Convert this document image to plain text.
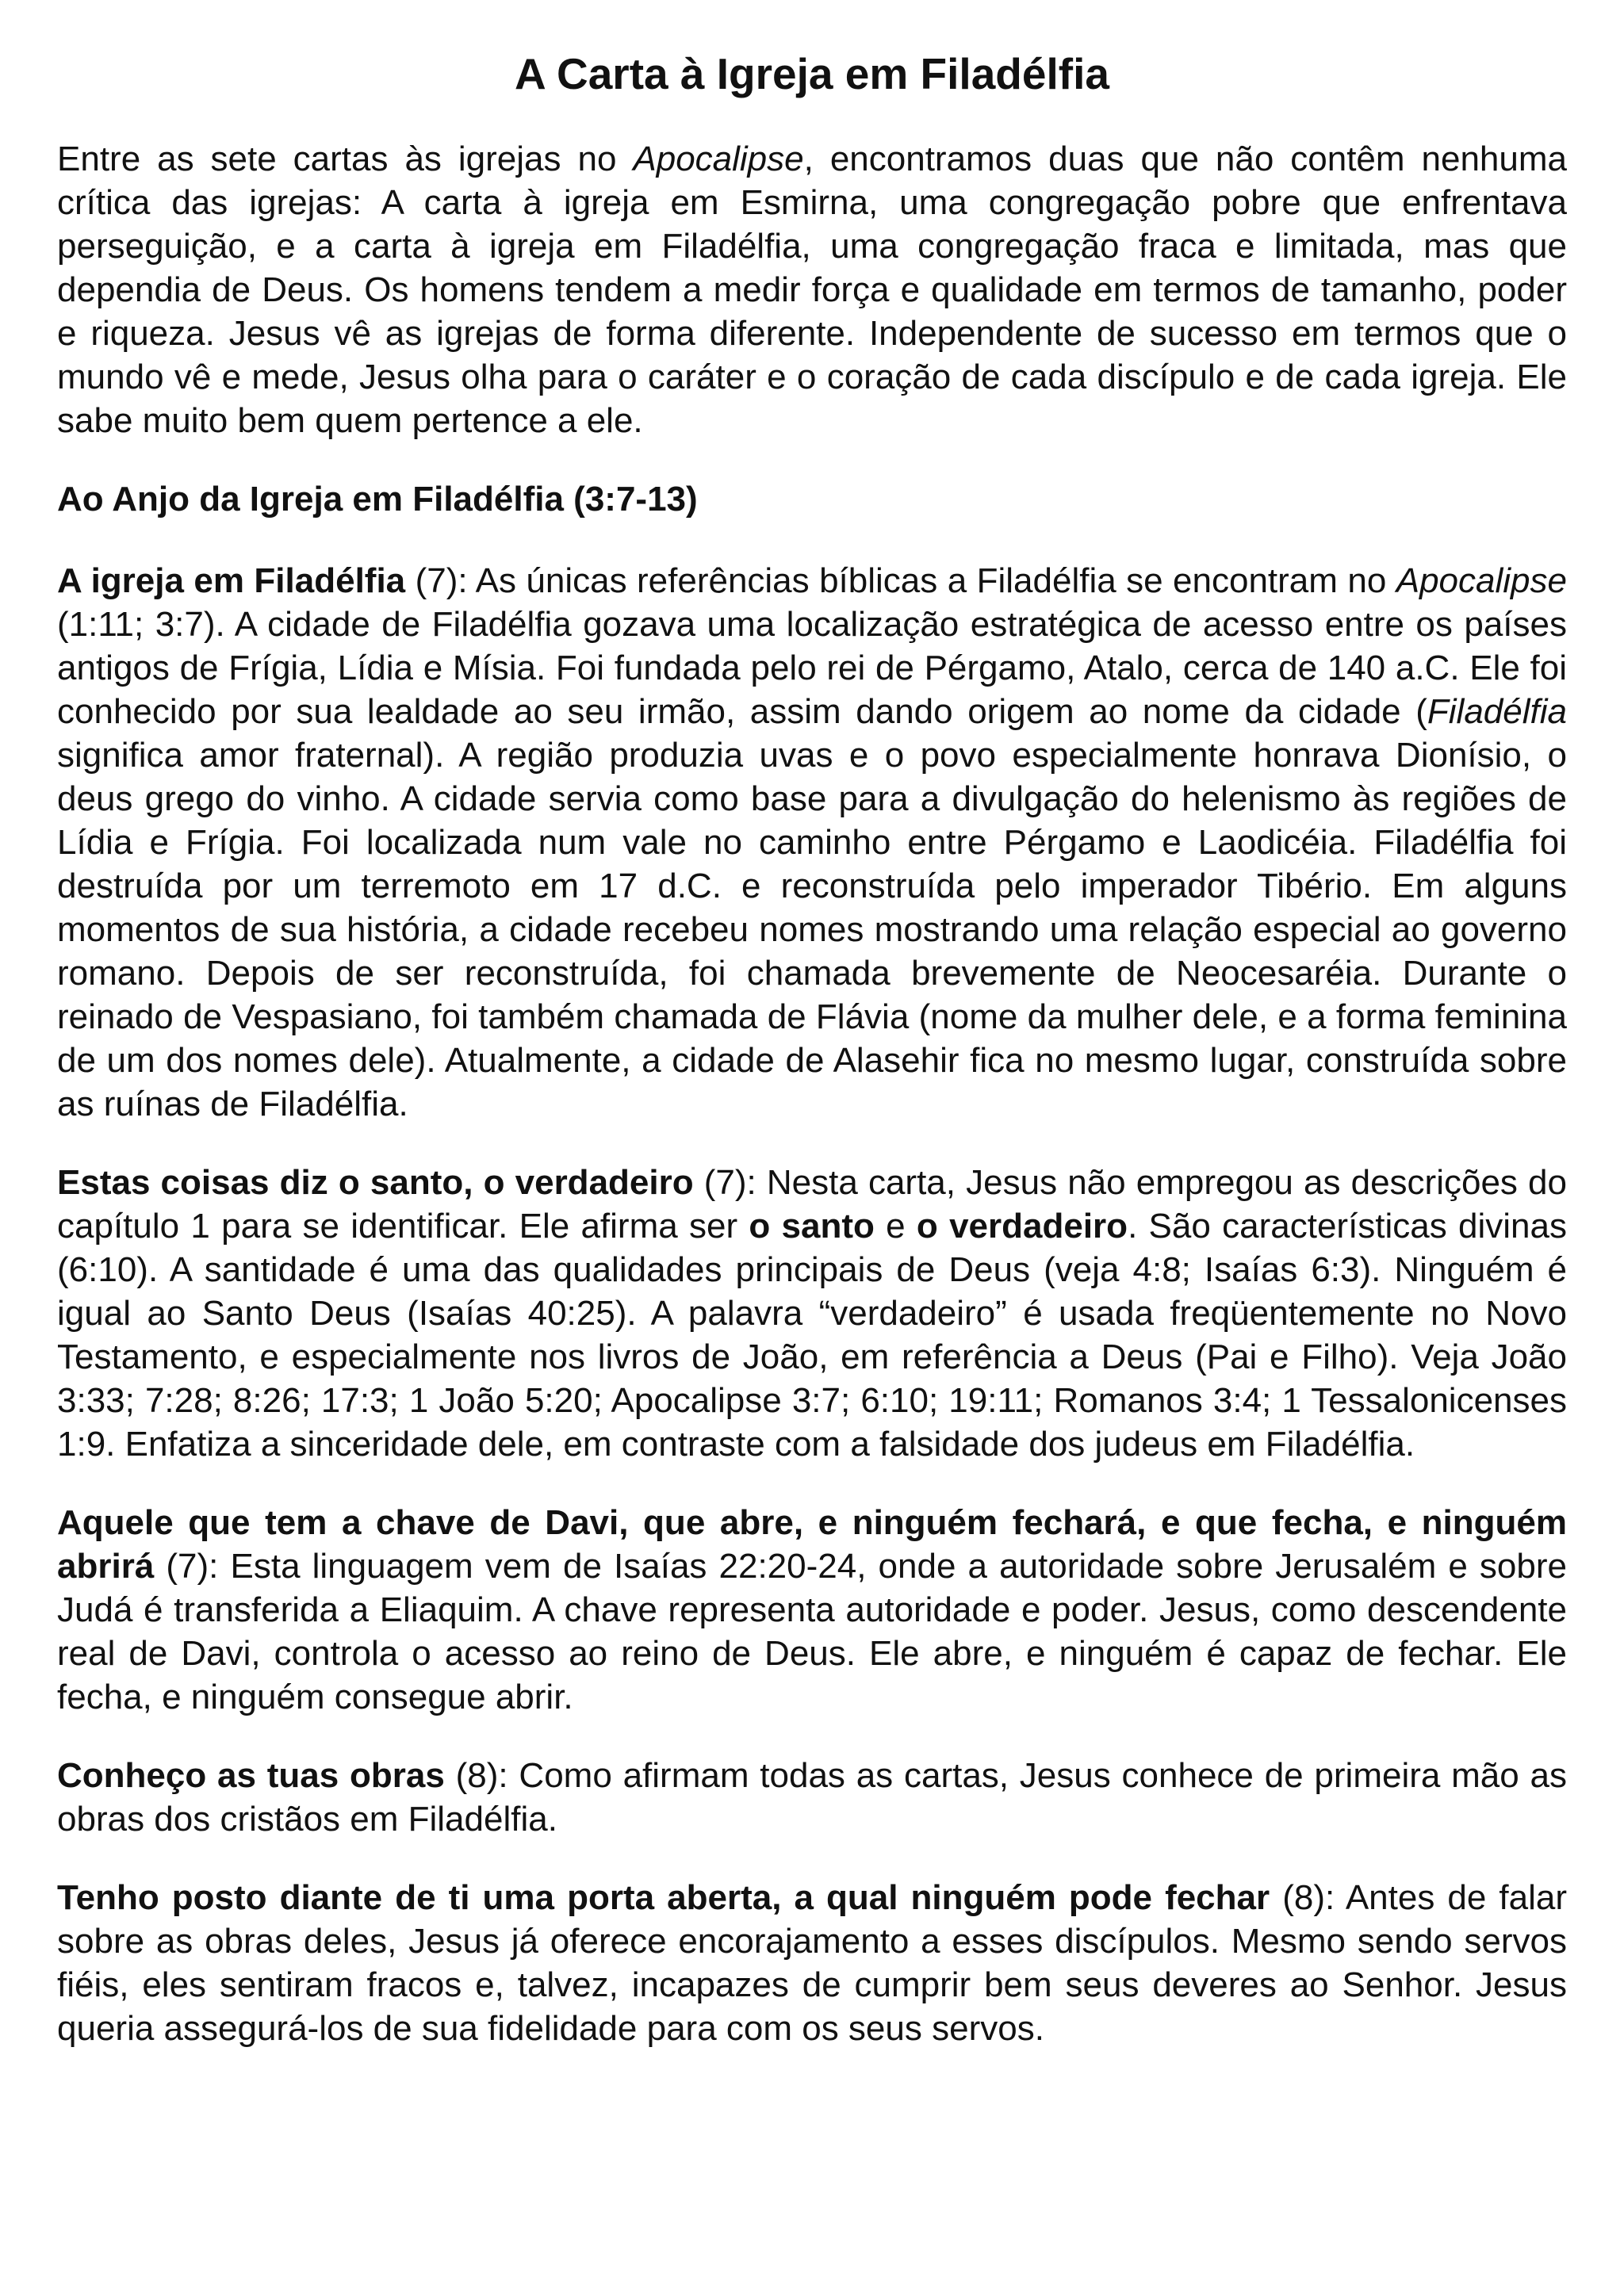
A Carta à Igreja em Filadélfia

Entre as sete cartas às igrejas no Apocalipse, encontramos duas que não contêm nenhuma crítica das igrejas: A carta à igreja em Esmirna, uma congregação pobre que enfrentava perseguição, e a carta à igreja em Filadélfia, uma congregação fraca e limitada, mas que dependia de Deus. Os homens tendem a medir força e qualidade em termos de tamanho, poder e riqueza. Jesus vê as igrejas de forma diferente. Independente de sucesso em termos que o mundo vê e mede, Jesus olha para o caráter e o coração de cada discípulo e de cada igreja. Ele sabe muito bem quem pertence a ele.

Ao Anjo da Igreja em Filadélfia (3:7-13)

A igreja em Filadélfia (7): As únicas referências bíblicas a Filadélfia se encontram no Apocalipse (1:11; 3:7). A cidade de Filadélfia gozava uma localização estratégica de acesso entre os países antigos de Frígia, Lídia e Mísia. Foi fundada pelo rei de Pérgamo, Atalo, cerca de 140 a.C. Ele foi conhecido por sua lealdade ao seu irmão, assim dando origem ao nome da cidade (Filadélfia significa amor fraternal). A região produzia uvas e o povo especialmente honrava Dionísio, o deus grego do vinho. A cidade servia como base para a divulgação do helenismo às regiões de Lídia e Frígia. Foi localizada num vale no caminho entre Pérgamo e Laodicéia. Filadélfia foi destruída por um terremoto em 17 d.C. e reconstruída pelo imperador Tibério. Em alguns momentos de sua história, a cidade recebeu nomes mostrando uma relação especial ao governo romano. Depois de ser reconstruída, foi chamada brevemente de Neocesaréia. Durante o reinado de Vespasiano, foi também chamada de Flávia (nome da mulher dele, e a forma feminina de um dos nomes dele). Atualmente, a cidade de Alasehir fica no mesmo lugar, construída sobre as ruínas de Filadélfia.

Estas coisas diz o santo, o verdadeiro (7): Nesta carta, Jesus não empregou as descrições do capítulo 1 para se identificar. Ele afirma ser o santo e o verdadeiro. São características divinas (6:10). A santidade é uma das qualidades principais de Deus (veja 4:8; Isaías 6:3). Ninguém é igual ao Santo Deus (Isaías 40:25). A palavra “verdadeiro” é usada freqüentemente no Novo Testamento, e especialmente nos livros de João, em referência a Deus (Pai e Filho). Veja João 3:33; 7:28; 8:26; 17:3; 1 João 5:20; Apocalipse 3:7; 6:10; 19:11; Romanos 3:4; 1 Tessalonicenses 1:9. Enfatiza a sinceridade dele, em contraste com a falsidade dos judeus em Filadélfia.

Aquele que tem a chave de Davi, que abre, e ninguém fechará, e que fecha, e ninguém abrirá (7): Esta linguagem vem de Isaías 22:20-24, onde a autoridade sobre Jerusalém e sobre Judá é transferida a Eliaquim. A chave representa autoridade e poder. Jesus, como descendente real de Davi, controla o acesso ao reino de Deus. Ele abre, e ninguém é capaz de fechar. Ele fecha, e ninguém consegue abrir.

Conheço as tuas obras (8): Como afirmam todas as cartas, Jesus conhece de primeira mão as obras dos cristãos em Filadélfia.

Tenho posto diante de ti uma porta aberta, a qual ninguém pode fechar (8): Antes de falar sobre as obras deles, Jesus já oferece encorajamento a esses discípulos. Mesmo sendo servos fiéis, eles sentiram fracos e, talvez, incapazes de cumprir bem seus deveres ao Senhor. Jesus queria assegurá-los de sua fidelidade para com os seus servos.
